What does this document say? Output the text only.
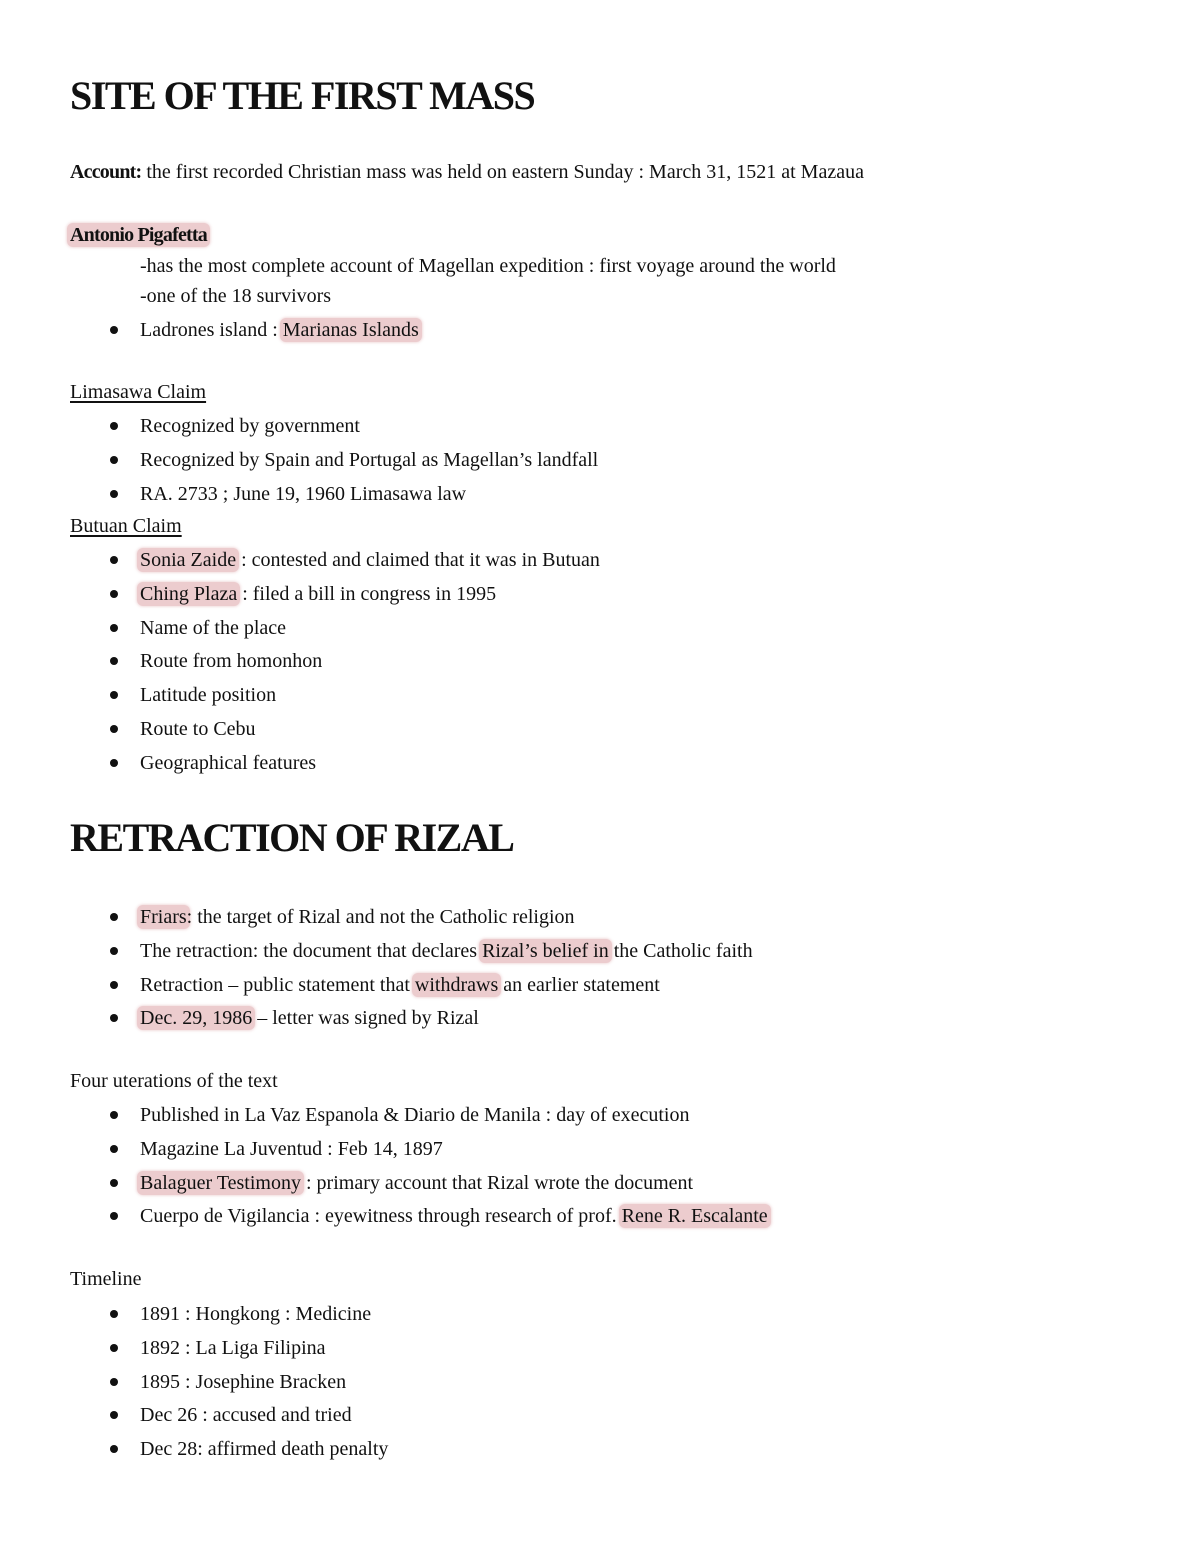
SITE OF THE FIRST MASS
Account: the first recorded Christian mass was held on eastern Sunday : March 31, 1521 at Mazaua
Antonio Pigafetta
-has the most complete account of Magellan expedition : first voyage around the world
-one of the 18 survivors
Ladrones island : Marianas Islands
Limasawa Claim
Recognized by government
Recognized by Spain and Portugal as Magellan’s landfall
RA. 2733 ; June 19, 1960 Limasawa law
Butuan Claim
Sonia Zaide : contested and claimed that it was in Butuan
Ching Plaza : filed a bill in congress in 1995
Name of the place
Route from homonhon
Latitude position
Route to Cebu
Geographical features
RETRACTION OF RIZAL
Friars: the target of Rizal and not the Catholic religion
The retraction: the document that declares Rizal’s belief in the Catholic faith
Retraction – public statement that withdraws an earlier statement
Dec. 29, 1986 – letter was signed by Rizal
Four uterations of the text
Published in La Vaz Espanola & Diario de Manila : day of execution
Magazine La Juventud : Feb 14, 1897
Balaguer Testimony : primary account that Rizal wrote the document
Cuerpo de Vigilancia : eyewitness through research of prof. Rene R. Escalante
Timeline
1891 : Hongkong : Medicine
1892 : La Liga Filipina
1895 : Josephine Bracken
Dec 26 : accused and tried
Dec 28: affirmed death penalty
